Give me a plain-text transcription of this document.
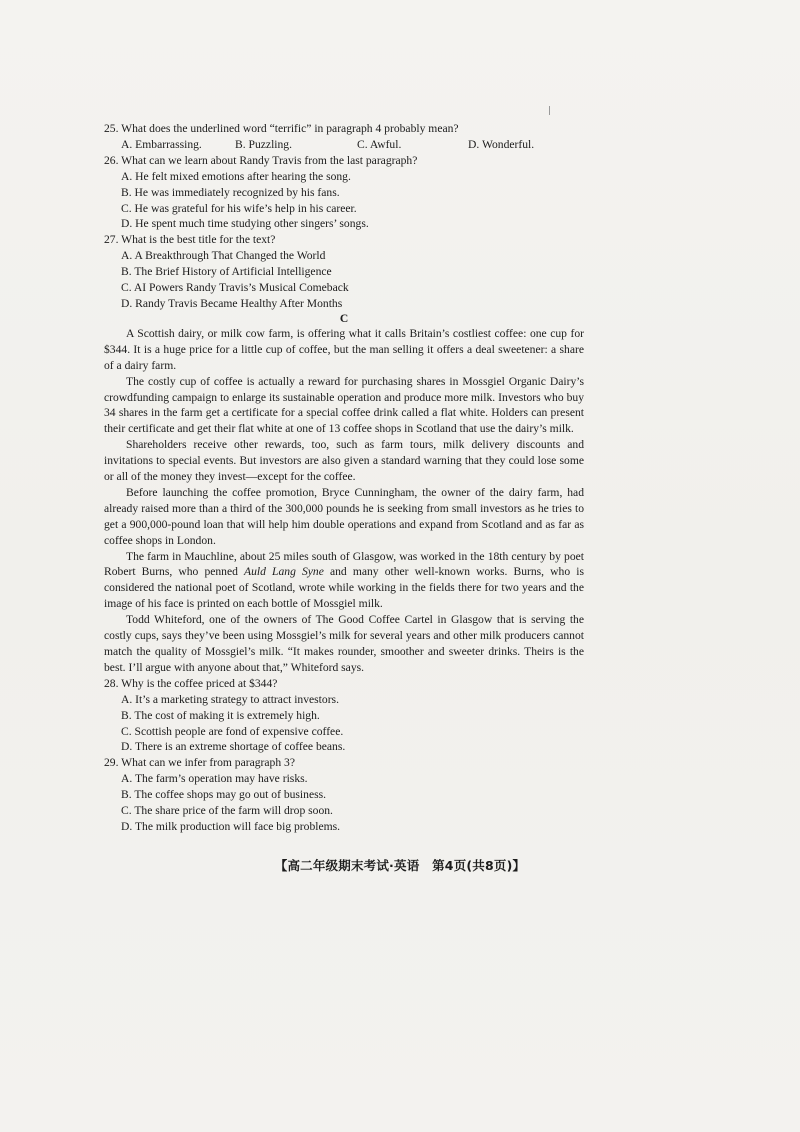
25. What does the underlined word “terrific” in paragraph 4 probably mean?

A. Embarrassing.	B. Puzzling.	C. Awful.	D. Wonderful.

26. What can we learn about Randy Travis from the last paragraph?

A. He felt mixed emotions after hearing the song.

B. He was immediately recognized by his fans.

C. He was grateful for his wife’s help in his career.

D. He spent much time studying other singers’ songs.

27. What is the best title for the text?

A. A Breakthrough That Changed the World

B. The Brief History of Artificial Intelligence

C. AI Powers Randy Travis’s Musical Comeback

D. Randy Travis Became Healthy After Months

C

A Scottish dairy, or milk cow farm, is offering what it calls Britain’s costliest coffee: one cup for $344. It is a huge price for a little cup of coffee, but the man selling it offers a deal sweetener: a share of a dairy farm.

The costly cup of coffee is actually a reward for purchasing shares in Mossgiel Organic Dairy’s crowdfunding campaign to enlarge its sustainable operation and produce more milk. Investors who buy 34 shares in the farm get a certificate for a special coffee drink called a flat white. Holders can present their certificate and get their flat white at one of 13 coffee shops in Scotland that use the dairy’s milk.

Shareholders receive other rewards, too, such as farm tours, milk delivery discounts and invitations to special events. But investors are also given a standard warning that they could lose some or all of the money they invest—except for the coffee.

Before launching the coffee promotion, Bryce Cunningham, the owner of the dairy farm, had already raised more than a third of the 300,000 pounds he is seeking from small investors as he tries to get a 900,000-pound loan that will help him double operations and expand from Scotland and as far as coffee shops in London.

The farm in Mauchline, about 25 miles south of Glasgow, was worked in the 18th century by poet Robert Burns, who penned Auld Lang Syne and many other well-known works. Burns, who is considered the national poet of Scotland, wrote while working in the fields there for two years and the image of his face is printed on each bottle of Mossgiel milk.

Todd Whiteford, one of the owners of The Good Coffee Cartel in Glasgow that is serving the costly cups, says they’ve been using Mossgiel’s milk for several years and other milk producers cannot match the quality of Mossgiel’s milk. “It makes rounder, smoother and sweeter drinks. Theirs is the best. I’ll argue with anyone about that,” Whiteford says.

28. Why is the coffee priced at $344?

A. It’s a marketing strategy to attract investors.

B. The cost of making it is extremely high.

C. Scottish people are fond of expensive coffee.

D. There is an extreme shortage of coffee beans.

29. What can we infer from paragraph 3?

A. The farm’s operation may have risks.

B. The coffee shops may go out of business.

C. The share price of the farm will drop soon.

D. The milk production will face big problems.

【高二年级期末考试·英语　第4页(共8页)】
